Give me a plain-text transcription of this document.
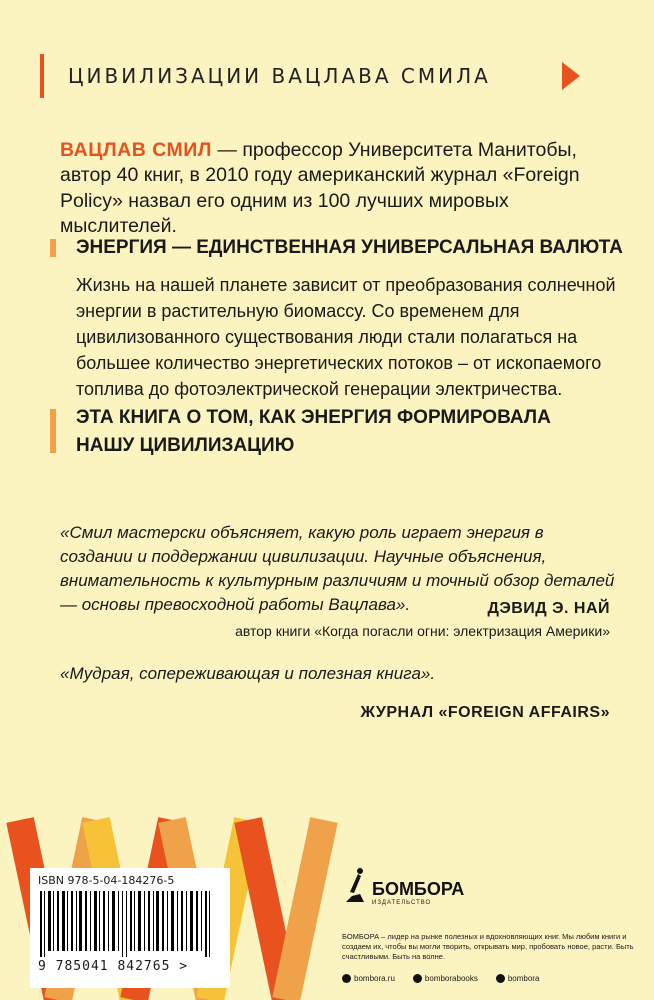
ЦИВИЛИЗАЦИИ ВАЦЛАВА СМИЛА
ВАЦЛАВ СМИЛ — профессор Университета Манитобы, автор 40 книг, в 2010 году американский журнал «Foreign Policy» назвал его одним из 100 лучших мировых мыслителей.
ЭНЕРГИЯ — ЕДИНСТВЕННАЯ УНИВЕРСАЛЬНАЯ ВАЛЮТА
Жизнь на нашей планете зависит от преобразования солнечной энергии в растительную биомассу. Со временем для цивилизованного существования люди стали полагаться на большее количество энергетических потоков – от ископаемого топлива до фотоэлектрической генерации электричества.
ЭТА КНИГА О ТОМ, КАК ЭНЕРГИЯ ФОРМИРОВАЛА НАШУ ЦИВИЛИЗАЦИЮ
«Смил мастерски объясняет, какую роль играет энергия в создании и поддержании цивилизации. Научные объяснения, внимательность к культурным различиям и точный обзор деталей — основы превосходной работы Вацлава».	ДЭВИД Э. НАЙ
автор книги «Когда погасли огни: электризация Америки»
«Мудрая, сопереживающая и полезная книга».
ЖУРНАЛ «FOREIGN AFFAIRS»
ISBN 978-5-04-184276-5
9 785041 842765 >
БОМБОРА
ИЗДАТЕЛЬСТВО
БОМБОРА – лидер на рынке полезных и вдохновляющих книг. Мы любим книги и создаем их, чтобы вы могли творить, открывать мир, пробовать новое, расти. Быть счастливыми. Быть на волне.
bombora.ru	bomborabooks	bombora
